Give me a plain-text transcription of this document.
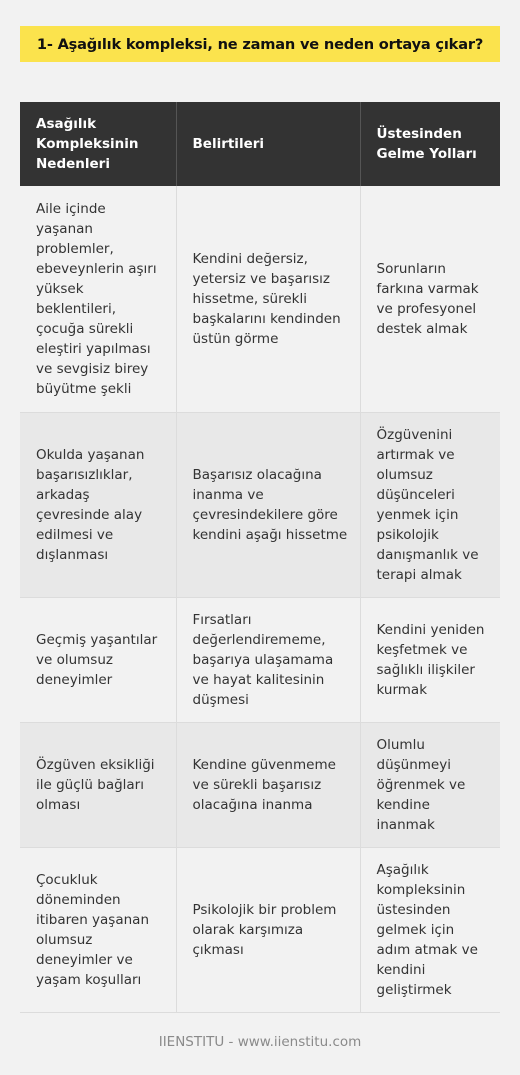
1- Aşağılık kompleksi, ne zaman ve neden ortaya çıkar?
Asağılık Kompleksinin Nedenleri	Belirtileri	Üstesinden Gelme Yolları
Aile içinde yaşanan problemler, ebeveynlerin aşırı yüksek beklentileri, çocuğa sürekli eleştiri yapılması ve sevgisiz birey büyütme şekli	Kendini değersiz, yetersiz ve başarısız hissetme, sürekli başkalarını kendinden üstün görme	Sorunların farkına varmak ve profesyonel destek almak
Okulda yaşanan başarısızlıklar, arkadaş çevresinde alay edilmesi ve dışlanması	Başarısız olacağına inanma ve çevresindekilere göre kendini aşağı hissetme	Özgüvenini artırmak ve olumsuz düşünceleri yenmek için psikolojik danışmanlık ve terapi almak
Geçmiş yaşantılar ve olumsuz deneyimler	Fırsatları değerlendirememe, başarıya ulaşamama ve hayat kalitesinin düşmesi	Kendini yeniden keşfetmek ve sağlıklı ilişkiler kurmak
Özgüven eksikliği ile güçlü bağları olması	Kendine güvenmeme ve sürekli başarısız olacağına inanma	Olumlu düşünmeyi öğrenmek ve kendine inanmak
Çocukluk döneminden itibaren yaşanan olumsuz deneyimler ve yaşam koşulları	Psikolojik bir problem olarak karşımıza çıkması	Aşağılık kompleksinin üstesinden gelmek için adım atmak ve kendini geliştirmek
IIENSTITU - www.iienstitu.com
